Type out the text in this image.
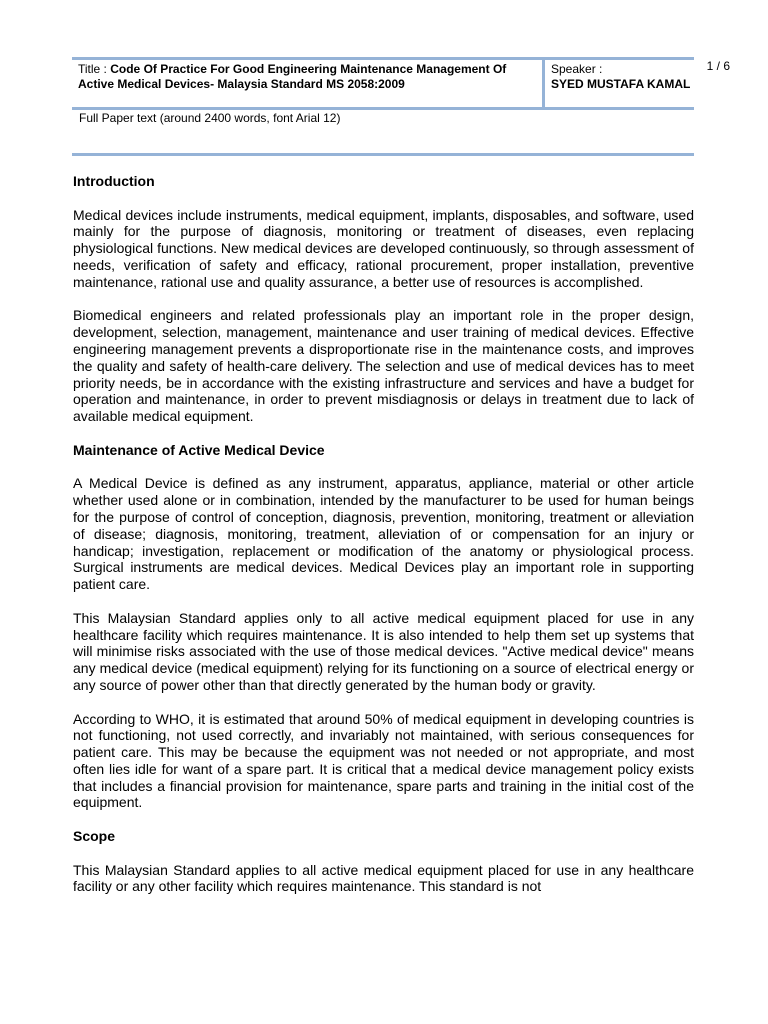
1 / 6
Title : Code Of Practice For Good Engineering Maintenance Management Of Active Medical Devices- Malaysia Standard MS 2058:2009
Speaker :
SYED MUSTAFA KAMAL
Full Paper text (around 2400 words, font Arial 12)
Introduction

Medical devices include instruments, medical equipment, implants, disposables, and software, used mainly for the purpose of diagnosis, monitoring or treatment of diseases, even replacing physiological functions. New medical devices are developed continuously, so through assessment of needs, verification of safety and efficacy, rational procurement, proper installation, preventive maintenance, rational use and quality assurance, a better use of resources is accomplished.

Biomedical engineers and related professionals play an important role in the proper design, development, selection, management, maintenance and user training of medical devices. Effective engineering management prevents a disproportionate rise in the maintenance costs, and improves the quality and safety of health-care delivery. The selection and use of medical devices has to meet priority needs, be in accordance with the existing infrastructure and services and have a budget for operation and maintenance, in order to prevent misdiagnosis or delays in treatment due to lack of available medical equipment.

Maintenance of Active Medical Device

A Medical Device is defined as any instrument, apparatus, appliance, material or other article whether used alone or in combination, intended by the manufacturer to be used for human beings for the purpose of control of conception, diagnosis, prevention, monitoring, treatment or alleviation of disease; diagnosis, monitoring, treatment, alleviation of or compensation for an injury or handicap; investigation, replacement or modification of the anatomy or physiological process. Surgical instruments are medical devices. Medical Devices play an important role in supporting patient care.

This Malaysian Standard applies only to all active medical equipment placed for use in any healthcare facility which requires maintenance. It is also intended to help them set up systems that will minimise risks associated with the use of those medical devices. "Active medical device" means any medical device (medical equipment) relying for its functioning on a source of electrical energy or any source of power other than that directly generated by the human body or gravity.

According to WHO, it is estimated that around 50% of medical equipment in developing countries is not functioning, not used correctly, and invariably not maintained, with serious consequences for patient care. This may be because the equipment was not needed or not appropriate, and most often lies idle for want of a spare part. It is critical that a medical device management policy exists that includes a financial provision for maintenance, spare parts and training in the initial cost of the equipment.

Scope

This Malaysian Standard applies to all active medical equipment placed for use in any healthcare facility or any other facility which requires maintenance. This standard is not
